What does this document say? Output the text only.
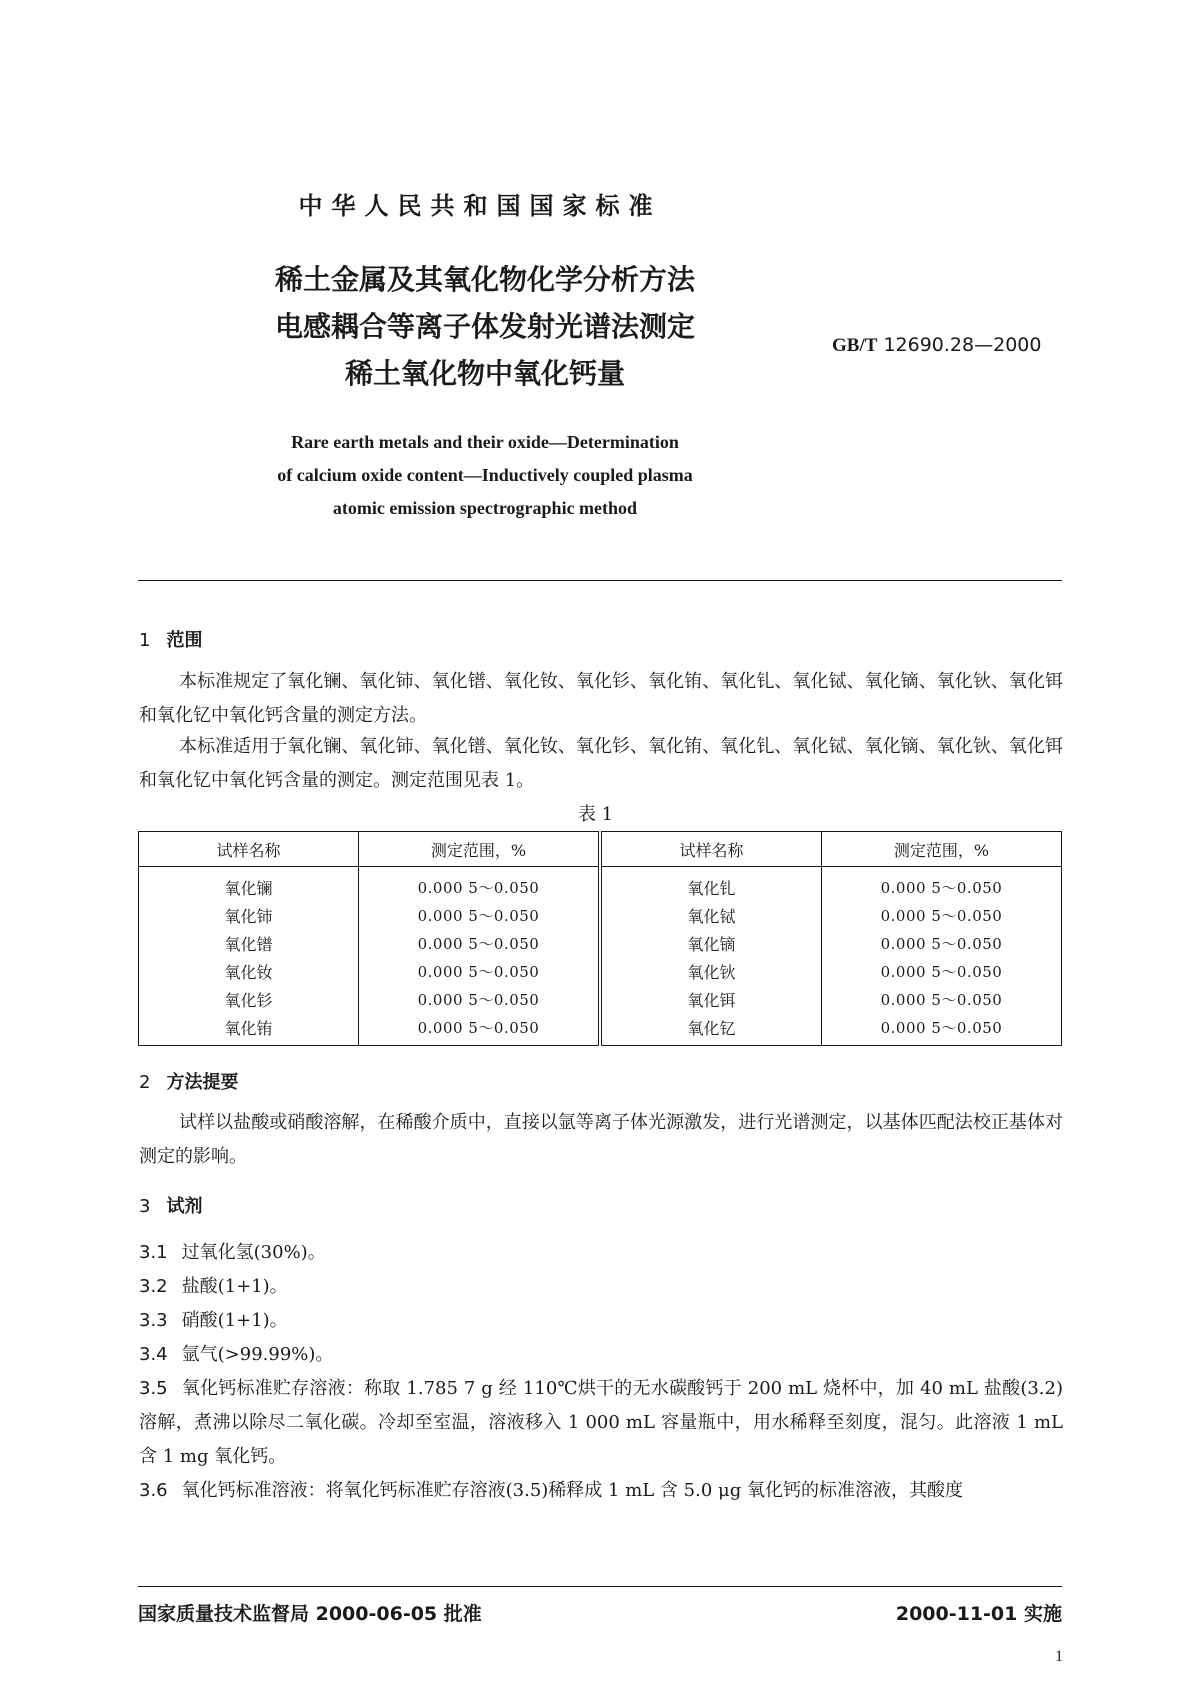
中华人民共和国国家标准
稀土金属及其氧化物化学分析方法
电感耦合等离子体发射光谱法测定
稀土氧化物中氧化钙量
GB/T 12690.28—2000
Rare earth metals and their oxide—Determination
of calcium oxide content—Inductively coupled plasma
atomic emission spectrographic method
1 范围
本标准规定了氧化镧、氧化铈、氧化镨、氧化钕、氧化钐、氧化铕、氧化钆、氧化铽、氧化镝、氧化钬、氧化铒和氧化钇中氧化钙含量的测定方法。
本标准适用于氧化镧、氧化铈、氧化镨、氧化钕、氧化钐、氧化铕、氧化钆、氧化铽、氧化镝、氧化钬、氧化铒和氧化钇中氧化钙含量的测定。测定范围见表 1。
表 1
试样名称	测定范围，%	试样名称	测定范围，%
氧化镧	0.000 5～0.050	氧化钆	0.000 5～0.050
氧化铈	0.000 5～0.050	氧化铽	0.000 5～0.050
氧化镨	0.000 5～0.050	氧化镝	0.000 5～0.050
氧化钕	0.000 5～0.050	氧化钬	0.000 5～0.050
氧化钐	0.000 5～0.050	氧化铒	0.000 5～0.050
氧化铕	0.000 5～0.050	氧化钇	0.000 5～0.050
2 方法提要
试样以盐酸或硝酸溶解，在稀酸介质中，直接以氩等离子体光源激发，进行光谱测定，以基体匹配法校正基体对测定的影响。
3 试剂
3.1 过氧化氢(30%)。
3.2 盐酸(1+1)。
3.3 硝酸(1+1)。
3.4 氩气(>99.99%)。
3.5 氧化钙标准贮存溶液：称取 1.785 7 g 经 110℃烘干的无水碳酸钙于 200 mL 烧杯中，加 40 mL 盐酸(3.2)溶解，煮沸以除尽二氧化碳。冷却至室温，溶液移入 1 000 mL 容量瓶中，用水稀释至刻度，混匀。此溶液 1 mL 含 1 mg 氧化钙。
3.6 氧化钙标准溶液：将氧化钙标准贮存溶液(3.5)稀释成 1 mL 含 5.0 μg 氧化钙的标准溶液，其酸度
国家质量技术监督局 2000-06-05 批准	2000-11-01 实施
1
